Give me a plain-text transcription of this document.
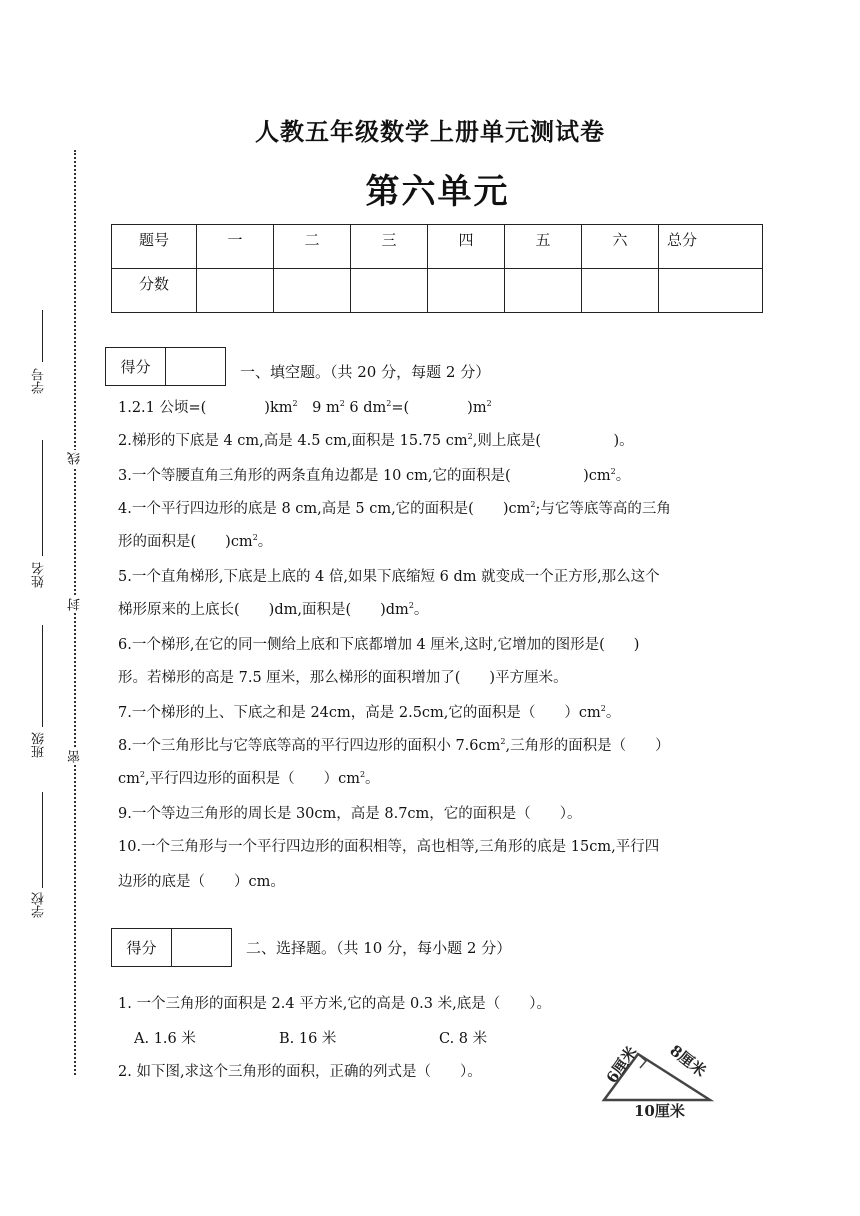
学号
姓名
班级
学校
线
封
密
人教五年级数学上册单元测试卷
第六单元
题号	一	二	三	四	五	六	总分
分数							
得分	一、填空题。（共 20 分，每题 2 分）
1.2.1 公顷=(　　　　)$km^2$　9 $m^2$ 6 $dm^2=$(　　　　)$m^2$
2.梯形的下底是 4 cm,高是 4.5 cm,面积是 15.75 $cm^2$,则上底是(　　　　　)。
3.一个等腰直角三角形的两条直角边都是 10 cm,它的面积是(　　　　　)$cm^2$。
4.一个平行四边形的底是 8 cm,高是 5 cm,它的面积是(　　)$cm^2$;与它等底等高的三角
形的面积是(　　)$cm^2$。
5.一个直角梯形,下底是上底的 4 倍,如果下底缩短 6 dm 就变成一个正方形,那么这个
梯形原来的上底长(　　)dm,面积是(　　)$dm^2$。
6.一个梯形,在它的同一侧给上底和下底都增加 4 厘米,这时,它增加的图形是(　　)
形。若梯形的高是 7.5 厘米，那么梯形的面积增加了(　　)平方厘米。
7.一个梯形的上、下底之和是 24cm，高是 2.5cm,它的面积是（　　）$cm^2$。
8.一个三角形比与它等底等高的平行四边形的面积小 $7.6cm^2$,三角形的面积是（　　）
$cm^2$,平行四边形的面积是（　　）$cm^2$。
9.一个等边三角形的周长是 30cm，高是 8.7cm，它的面积是（　　）。
10.一个三角形与一个平行四边形的面积相等，高也相等,三角形的底是 15cm,平行四
边形的底是（　　）cm。
得分	二、选择题。（共 10 分，每小题 2 分）
1. 一个三角形的面积是 2.4 平方米,它的高是 0.3 米,底是（　　）。
A. 1.6 米	B. 16 米	C. 8 米
2. 如下图,求这个三角形的面积，正确的列式是（　　）。	6厘米 8厘米
10厘米
